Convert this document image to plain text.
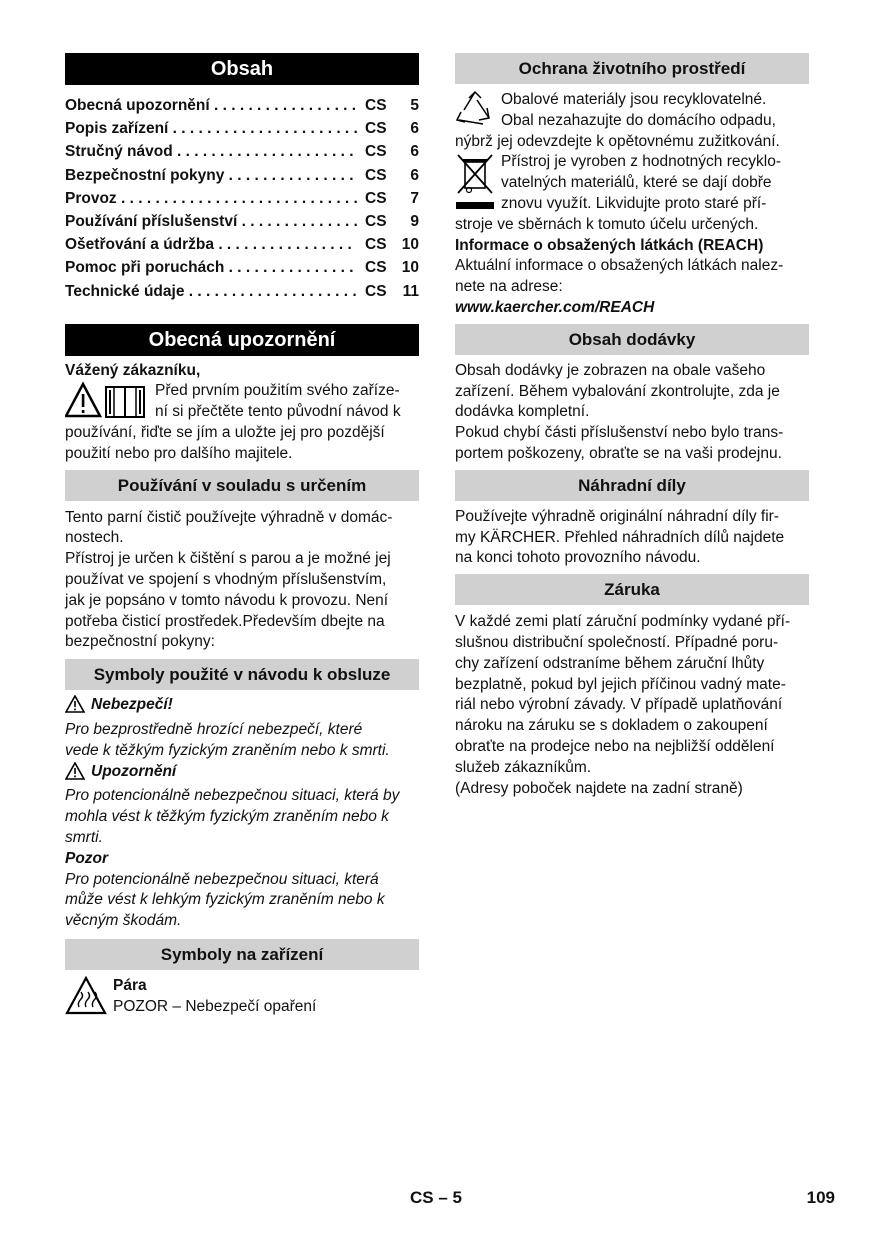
Obsah
Obecná upozornění . . .	CS	5
Popis zařízení . . .	CS	6
Stručný návod . . .	CS	6
Bezpečnostní pokyny . . .	CS	6
Provoz . . .	CS	7
Používání příslušenství . . .	CS	9
Ošetřování a údržba . . .	CS 10
Pomoc při poruchách . . .	CS 10
Technické údaje . . .	CS	11
Obecná upozornění

Vážený zákazníku,

Před prvním použitím svého zaříze-

ní si přečtěte tento původní návod k

používání, řiďte se jím a uložte jej pro pozdější

použití nebo pro dalšího majitele.

Používání v souladu s určením

Tento parní čistič používejte výhradně v domác-

nostech.

Přístroj je určen k čištění s parou a je možné jej

používat ve spojení s vhodným příslušenstvím,

jak je popsáno v tomto návodu k provozu. Není

potřeba čisticí prostředek.Především dbejte na

bezpečnostní pokyny:

Symboly použité v návodu k obsluze

Nebezpečí!

Pro bezprostředně hrozící nebezpečí, které

vede k těžkým fyzickým zraněním nebo k smrti.

Upozornění

Pro potencionálně nebezpečnou situaci, která by

mohla vést k těžkým fyzickým zraněním nebo k

smrti.

Pozor

Pro potencionálně nebezpečnou situaci, která

může vést k lehkým fyzickým zraněním nebo k

věcným škodám.

Symboly na zařízení

Pára

POZOR – Nebezpečí opaření

Ochrana životního prostředí

Obalové materiály jsou recyklovatelné.

Obal nezahazujte do domácího odpadu,

nýbrž jej odevzdejte k opětovnému zužitkování.

Přístroj je vyroben z hodnotných recyklo-

vatelných materiálů, které se dají dobře

znovu využít. Likvidujte proto staré pří-

stroje ve sběrnách k tomuto účelu určených.

Informace o obsažených látkách (REACH)

Aktuální informace o obsažených látkách nalez-

nete na adrese:

www.kaercher.com/REACH

Obsah dodávky

Obsah dodávky je zobrazen na obale vašeho

zařízení. Během vybalování zkontrolujte, zda je

dodávka kompletní.

Pokud chybí části příslušenství nebo bylo trans-

portem poškozeny, obraťte se na vaši prodejnu.

Náhradní díly

Používejte výhradně originální náhradní díly fir-

my KÄRCHER. Přehled náhradních dílů najdete

na konci tohoto provozního návodu.

Záruka

V každé zemi platí záruční podmínky vydané pří-

slušnou distribuční společností. Případné poru-

chy zařízení odstraníme během záruční lhůty

bezplatně, pokud byl jejich příčinou vadný mate-

riál nebo výrobní závady. V případě uplatňování

nároku na záruku se s dokladem o zakoupení

obraťte na prodejce nebo na nejbližší oddělení

služeb zákazníkům.

(Adresy poboček najdete na zadní straně)

CS – 5	109
